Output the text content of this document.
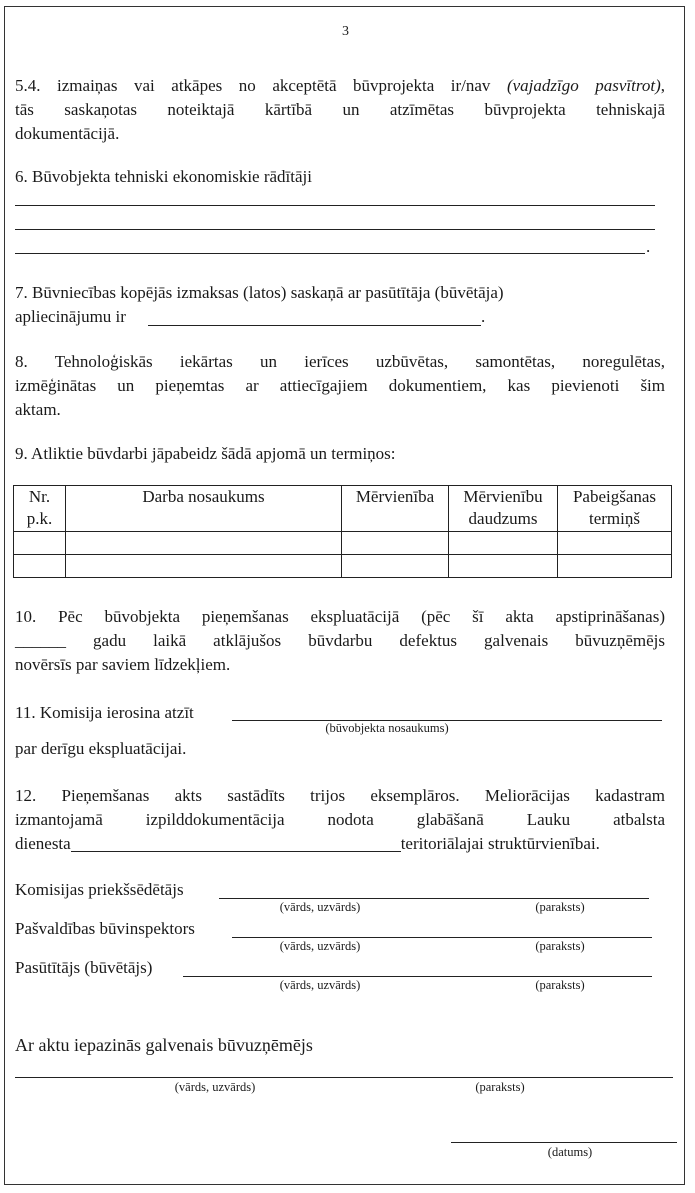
3
5.4. izmaiņas vai atkāpes no akceptētā būvprojekta ir/nav (vajadzīgo pasvītrot),
tās saskaņotas noteiktajā kārtībā un atzīmētas būvprojekta tehniskajā
dokumentācijā.
6. Būvobjekta tehniski ekonomiskie rādītāji
.
7. Būvniecības kopējās izmaksas (latos) saskaņā ar pasūtītāja (būvētāja)
apliecinājumu ir	.
8. Tehnoloģiskās iekārtas un ierīces uzbūvētas, samontētas, noregulētas,
izmēģinātas un pieņemtas ar attiecīgajiem dokumentiem, kas pievienoti šim
aktam.
9. Atliktie būvdarbi jāpabeidz šādā apjomā un termiņos:
Nr. p.k.	Darba nosaukums	Mērvienība	Mērvienību daudzums	Pabeigšanas termiņš

10. Pēc būvobjekta pieņemšanas ekspluatācijā (pēc šī akta apstiprināšanas)
______ gadu laikā atklājušos būvdarbu defektus galvenais būvuzņēmējs
novērsīs par saviem līdzekļiem.
11. Komisija ierosina atzīt
(būvobjekta nosaukums)
par derīgu ekspluatācijai.
12. Pieņemšanas akts sastādīts trijos eksemplāros. Meliorācijas kadastram
izmantojamā izpilddokumentācija nodota glabāšanā Lauku atbalsta
dienesta	teritoriālajai struktūrvienībai.
Komisijas priekšsēdētājs
(vārds, uzvārds)	(paraksts)
Pašvaldības būvinspektors
(vārds, uzvārds)	(paraksts)
Pasūtītājs (būvētājs)
(vārds, uzvārds)	(paraksts)
Ar aktu iepazinās galvenais būvuzņēmējs
(vārds, uzvārds)	(paraksts)
(datums)
